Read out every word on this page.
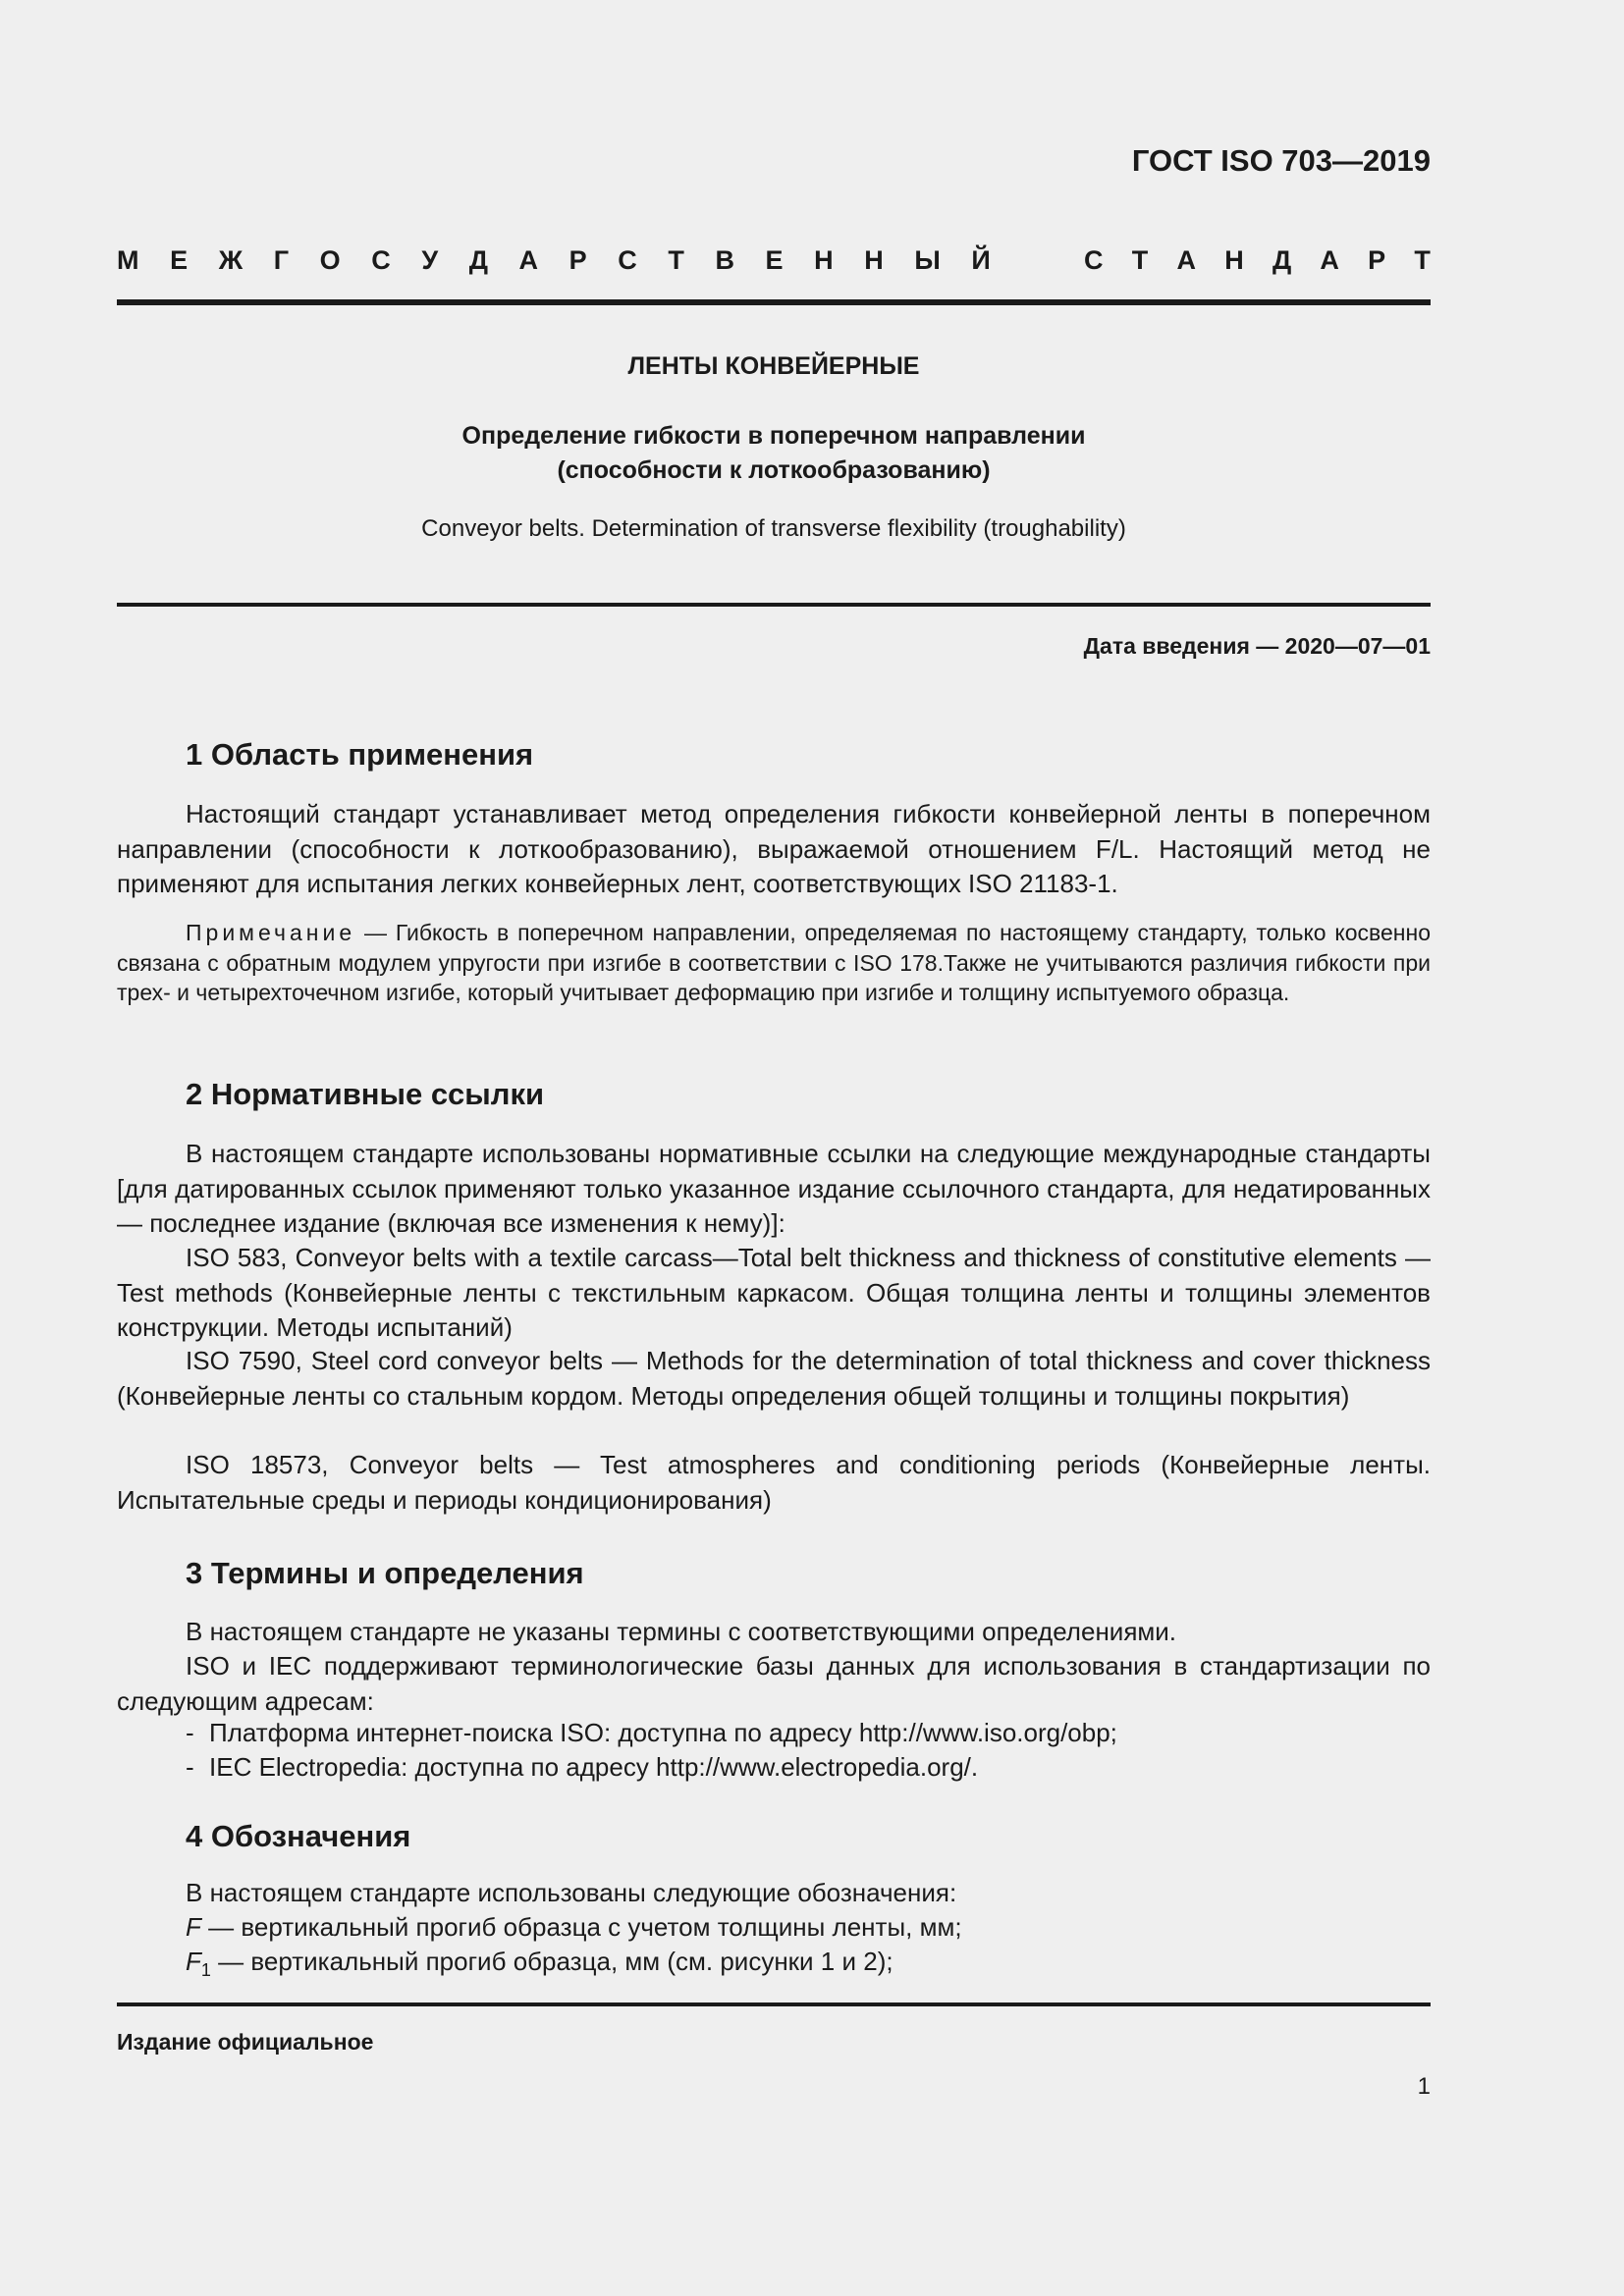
ГОСТ ISO 703—2019
М Е Ж Г О С У Д А Р С Т В Е Н Н Ы Й	С Т А Н Д А Р Т
ЛЕНТЫ КОНВЕЙЕРНЫЕ
Определение гибкости в поперечном направлении
(способности к лоткообразованию)
Conveyor belts. Determination of transverse flexibility (troughability)
Дата введения — 2020—07—01
1 Область применения
Настоящий стандарт устанавливает метод определения гибкости конвейерной ленты в поперечном направлении (способности к лоткообразованию), выражаемой отношением F/L. Настоящий метод не применяют для испытания легких конвейерных лент, соответствующих ISO 21183-1.
Примечание — Гибкость в поперечном направлении, определяемая по настоящему стандарту, только косвенно связана с обратным модулем упругости при изгибе в соответствии с ISO 178.Также не учитываются различия гибкости при трех- и четырехточечном изгибе, который учитывает деформацию при изгибе и толщину испытуемого образца.
2 Нормативные ссылки
В настоящем стандарте использованы нормативные ссылки на следующие международные стандарты [для датированных ссылок применяют только указанное издание ссылочного стандарта, для недатированных — последнее издание (включая все изменения к нему)]:
ISO 583, Conveyor belts with a textile carcass—Total belt thickness and thickness of constitutive elements — Test methods (Конвейерные ленты с текстильным каркасом. Общая толщина ленты и толщины элементов конструкции. Методы испытаний)
ISO 7590, Steel cord conveyor belts — Methods for the determination of total thickness and cover thickness (Конвейерные ленты со стальным кордом. Методы определения общей толщины и толщины покрытия)
ISO 18573, Conveyor belts — Test atmospheres and conditioning periods (Конвейерные ленты. Испытательные среды и периоды кондиционирования)
3 Термины и определения
В настоящем стандарте не указаны термины с соответствующими определениями.
ISO и IEC поддерживают терминологические базы данных для использования в стандартизации по следующим адресам:
- Платформа интернет-поиска ISO: доступна по адресу http://www.iso.org/obp;
- IEC Electropedia: доступна по адресу http://www.electropedia.org/.
4 Обозначения
В настоящем стандарте использованы следующие обозначения:
F — вертикальный прогиб образца с учетом толщины ленты, мм;
$F_1$ — вертикальный прогиб образца, мм (см. рисунки 1 и 2);
Издание официальное
1
